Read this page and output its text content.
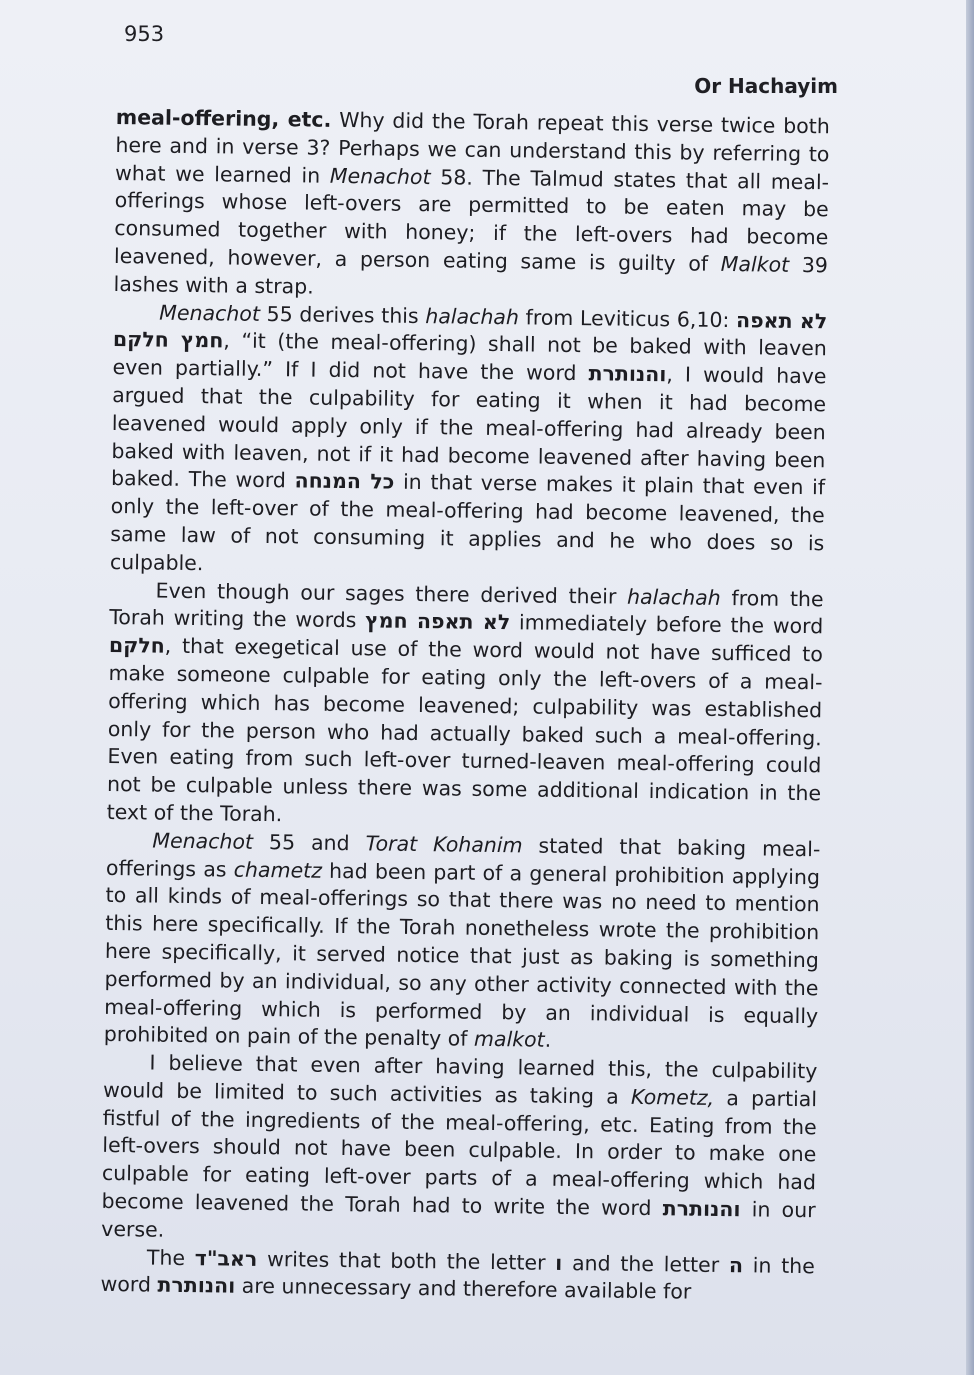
953
Or Hachayim

meal-offering, etc. Why did the Torah repeat this verse twice both here and in verse 3? Perhaps we can understand this by referring to what we learned in Menachot 58. The Talmud states that all meal-offerings whose left-overs are permitted to be eaten may be consumed together with honey; if the left-overs had become leavened, however, a person eating same is guilty of Malkot 39 lashes with a strap.

Menachot 55 derives this halachah from Leviticus 6,10: לא תאפה חמץ חלקם, “it (the meal-offering) shall not be baked with leaven even partially.” If I did not have the word והנותרת, I would have argued that the culpability for eating it when it had become leavened would apply only if the meal-offering had already been baked with leaven, not if it had become leavened after having been baked. The word כל המנחה in that verse makes it plain that even if only the left-over of the meal-offering had become leavened, the same law of not consuming it applies and he who does so is culpable.

Even though our sages there derived their halachah from the Torah writing the words לא תאפה חמץ immediately before the word חלקם, that exegetical use of the word would not have sufficed to make someone culpable for eating only the left-overs of a meal-offering which has become leavened; culpability was established only for the person who had actually baked such a meal-offering. Even eating from such left-over turned-leaven meal-offering could not be culpable unless there was some additional indication in the text of the Torah.

Menachot 55 and Torat Kohanim stated that baking meal-offerings as chametz had been part of a general prohibition applying to all kinds of meal-offerings so that there was no need to mention this here specifically. If the Torah nonetheless wrote the prohibition here specifically, it served notice that just as baking is something performed by an individual, so any other activity connected with the meal-offering which is performed by an individual is equally prohibited on pain of the penalty of malkot.

I believe that even after having learned this, the culpability would be limited to such activities as taking a Kometz, a partial fistful of the ingredients of the meal-offering, etc. Eating from the left-overs should not have been culpable. In order to make one culpable for eating left-over parts of a meal-offering which had become leavened the Torah had to write the word והנותרת in our verse.

The ראב"ד writes that both the letter ו and the letter ה in the word והנותרת are unnecessary and therefore available for
